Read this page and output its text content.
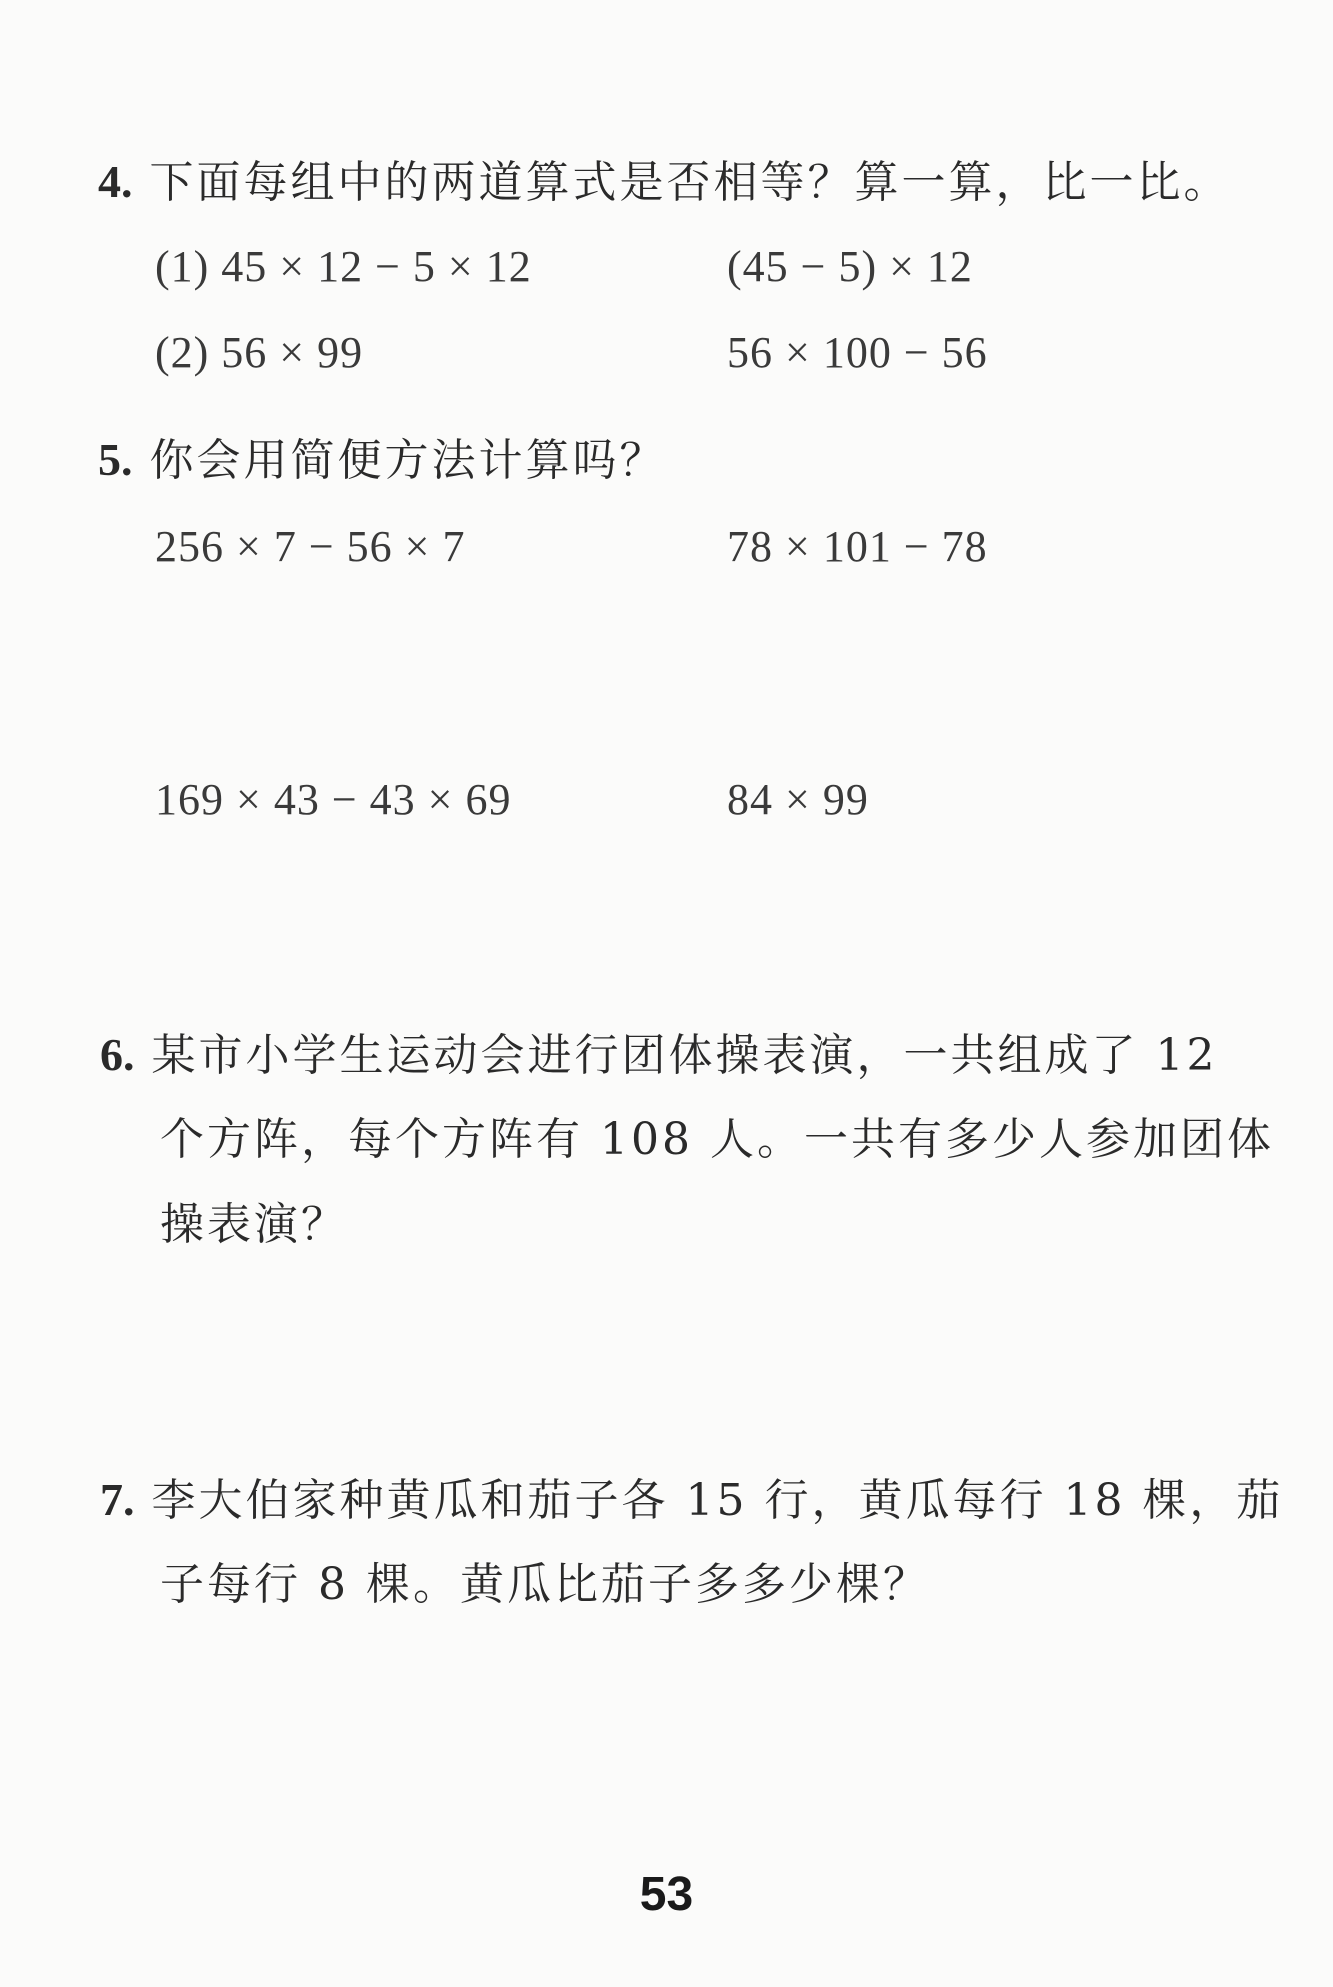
4. 下面每组中的两道算式是否相等？算一算，比一比。
(1) 45 × 12 − 5 × 12	(45 − 5) × 12
(2) 56 × 99	56 × 100 − 56
5. 你会用简便方法计算吗？
256 × 7 − 56 × 7	78 × 101 − 78
169 × 43 − 43 × 69	84 × 99
6. 某市小学生运动会进行团体操表演，一共组成了 12
个方阵，每个方阵有 108 人。一共有多少人参加团体
操表演？
7. 李大伯家种黄瓜和茄子各 15 行，黄瓜每行 18 棵，茄
子每行 8 棵。黄瓜比茄子多多少棵？
53
